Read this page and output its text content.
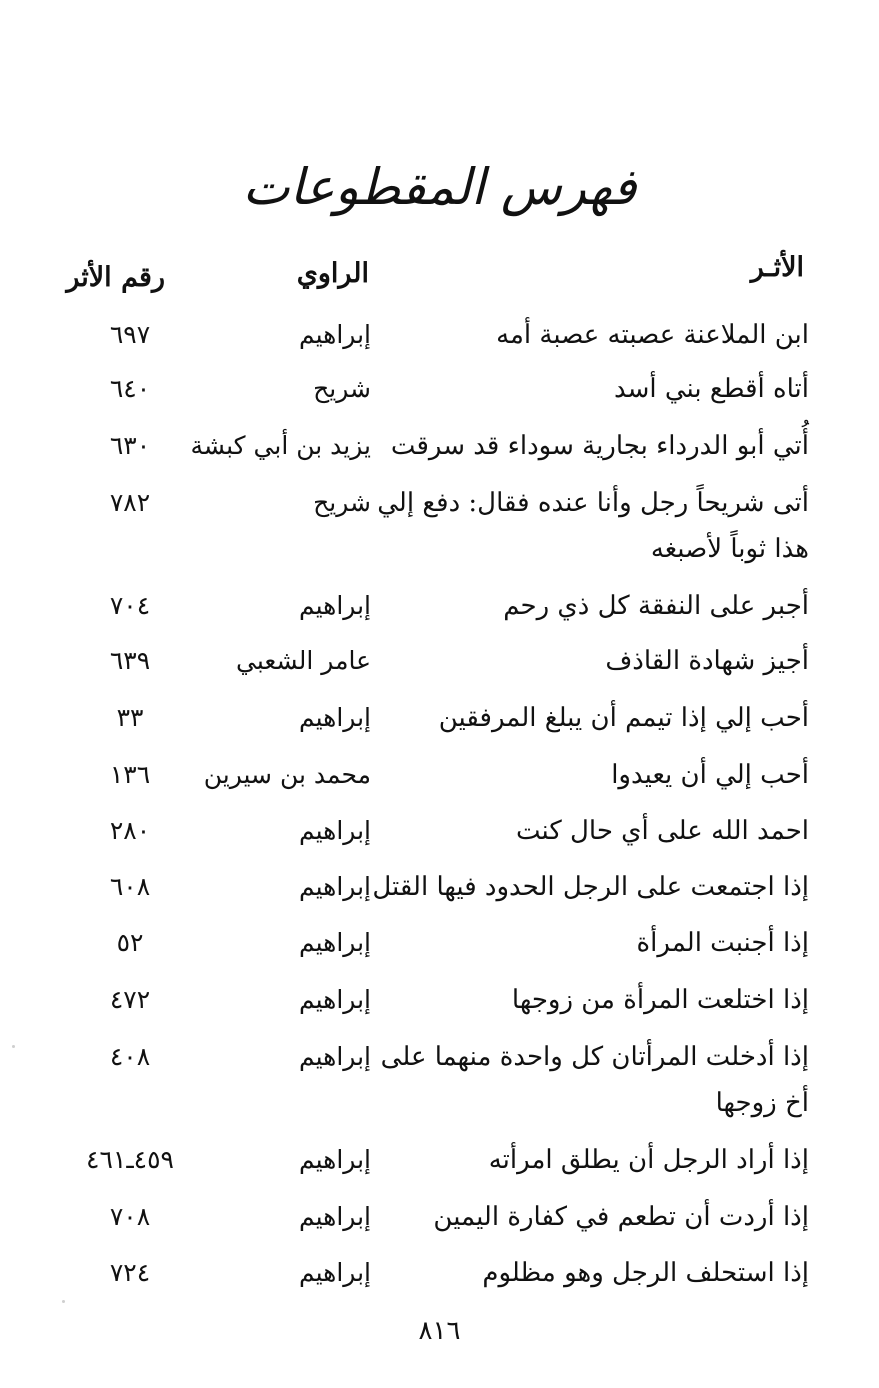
فهرس المقطوعات
الأثـر
الراوي
رقم الأثر
ابن الملاعنة عصبته عصبة أمه
إبراهيم
٦٩٧
أتاه أقطع بني أسد
شريح
٦٤٠
أُتي أبو الدرداء بجارية سوداء قد سرقت
يزيد بن أبي كبشة
٦٣٠
أتى شريحاً رجل وأنا عنده فقال: دفع إلي هذا ثوباً لأصبغه
شريح
٧٨٢
أجبر على النفقة كل ذي رحم
إبراهيم
٧٠٤
أجيز شهادة القاذف
عامر الشعبي
٦٣٩
أحب إلي إذا تيمم أن يبلغ المرفقين
إبراهيم
٣٣
أحب إلي أن يعيدوا
محمد بن سيرين
١٣٦
احمد الله على أي حال كنت
إبراهيم
٢٨٠
إذا اجتمعت على الرجل الحدود فيها القتل
إبراهيم
٦٠٨
إذا أجنبت المرأة
إبراهيم
٥٢
إذا اختلعت المرأة من زوجها
إبراهيم
٤٧٢
إذا أدخلت المرأتان كل واحدة منهما على أخ زوجها
إبراهيم
٤٠٨
إذا أراد الرجل أن يطلق امرأته
إبراهيم
٤٥٩ـ٤٦١
إذا أردت أن تطعم في كفارة اليمين
إبراهيم
٧٠٨
إذا استحلف الرجل وهو مظلوم
إبراهيم
٧٢٤
٨١٦
